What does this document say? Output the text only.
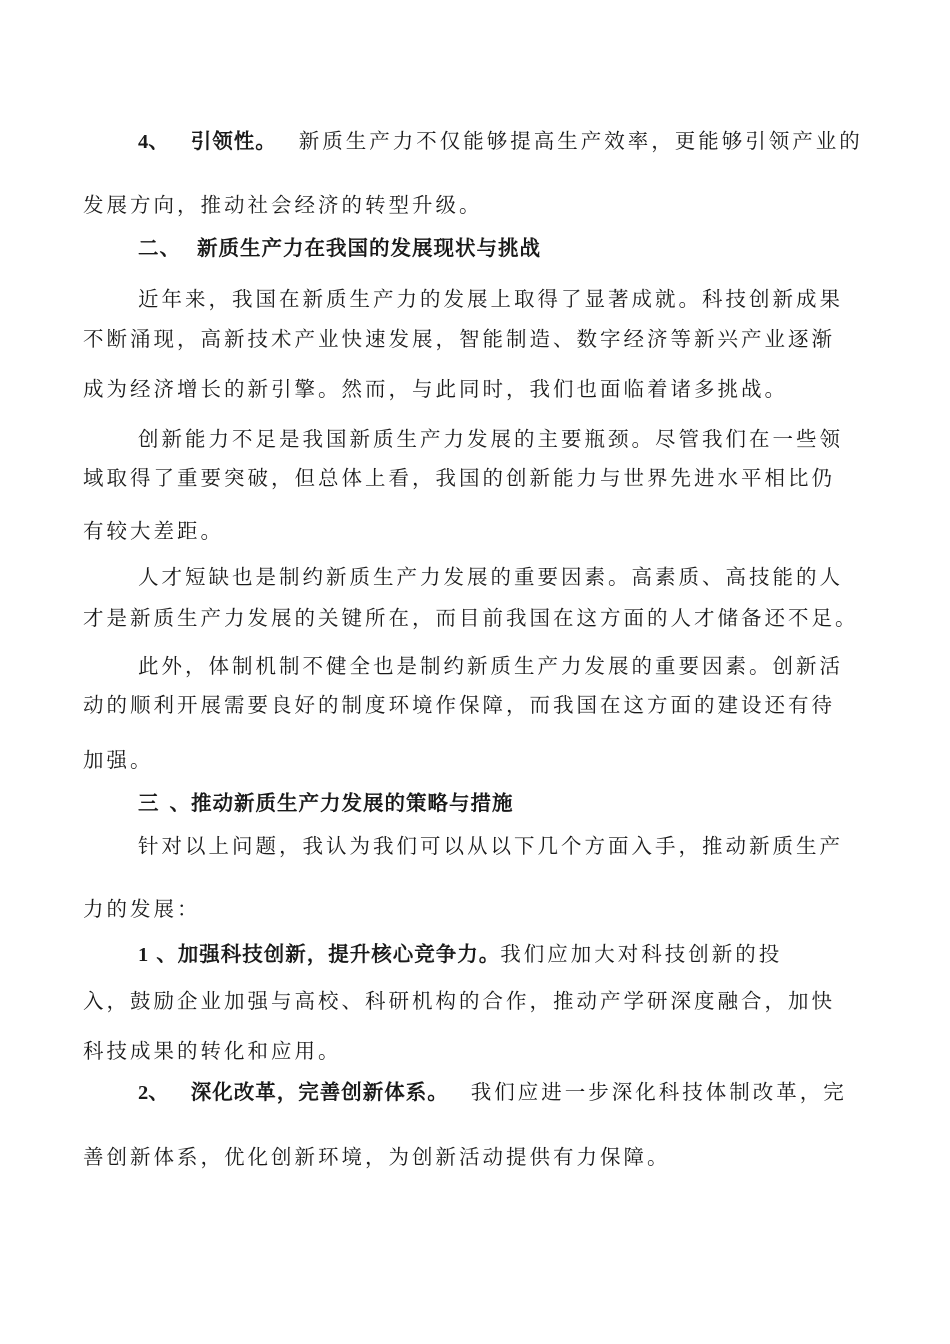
4、 引领性。 新质生产力不仅能够提高生产效率，更能够引领产业的
发展方向，推动社会经济的转型升级。
二、 新质生产力在我国的发展现状与挑战
近年来，我国在新质生产力的发展上取得了显著成就。科技创新成果
不断涌现，高新技术产业快速发展，智能制造、数字经济等新兴产业逐渐
成为经济增长的新引擎。然而，与此同时，我们也面临着诸多挑战。
创新能力不足是我国新质生产力发展的主要瓶颈。尽管我们在一些领
域取得了重要突破，但总体上看，我国的创新能力与世界先进水平相比仍
有较大差距。
人才短缺也是制约新质生产力发展的重要因素。高素质、高技能的人
才是新质生产力发展的关键所在，而目前我国在这方面的人才储备还不足。
此外，体制机制不健全也是制约新质生产力发展的重要因素。创新活
动的顺利开展需要良好的制度环境作保障，而我国在这方面的建设还有待
加强。
三 、推动新质生产力发展的策略与措施
针对以上问题，我认为我们可以从以下几个方面入手，推动新质生产
力的发展：
1 、加强科技创新，提升核心竞争力。我们应加大对科技创新的投
入，鼓励企业加强与高校、科研机构的合作，推动产学研深度融合，加快
科技成果的转化和应用。
2、 深化改革，完善创新体系。 我们应进一步深化科技体制改革，完
善创新体系，优化创新环境，为创新活动提供有力保障。
